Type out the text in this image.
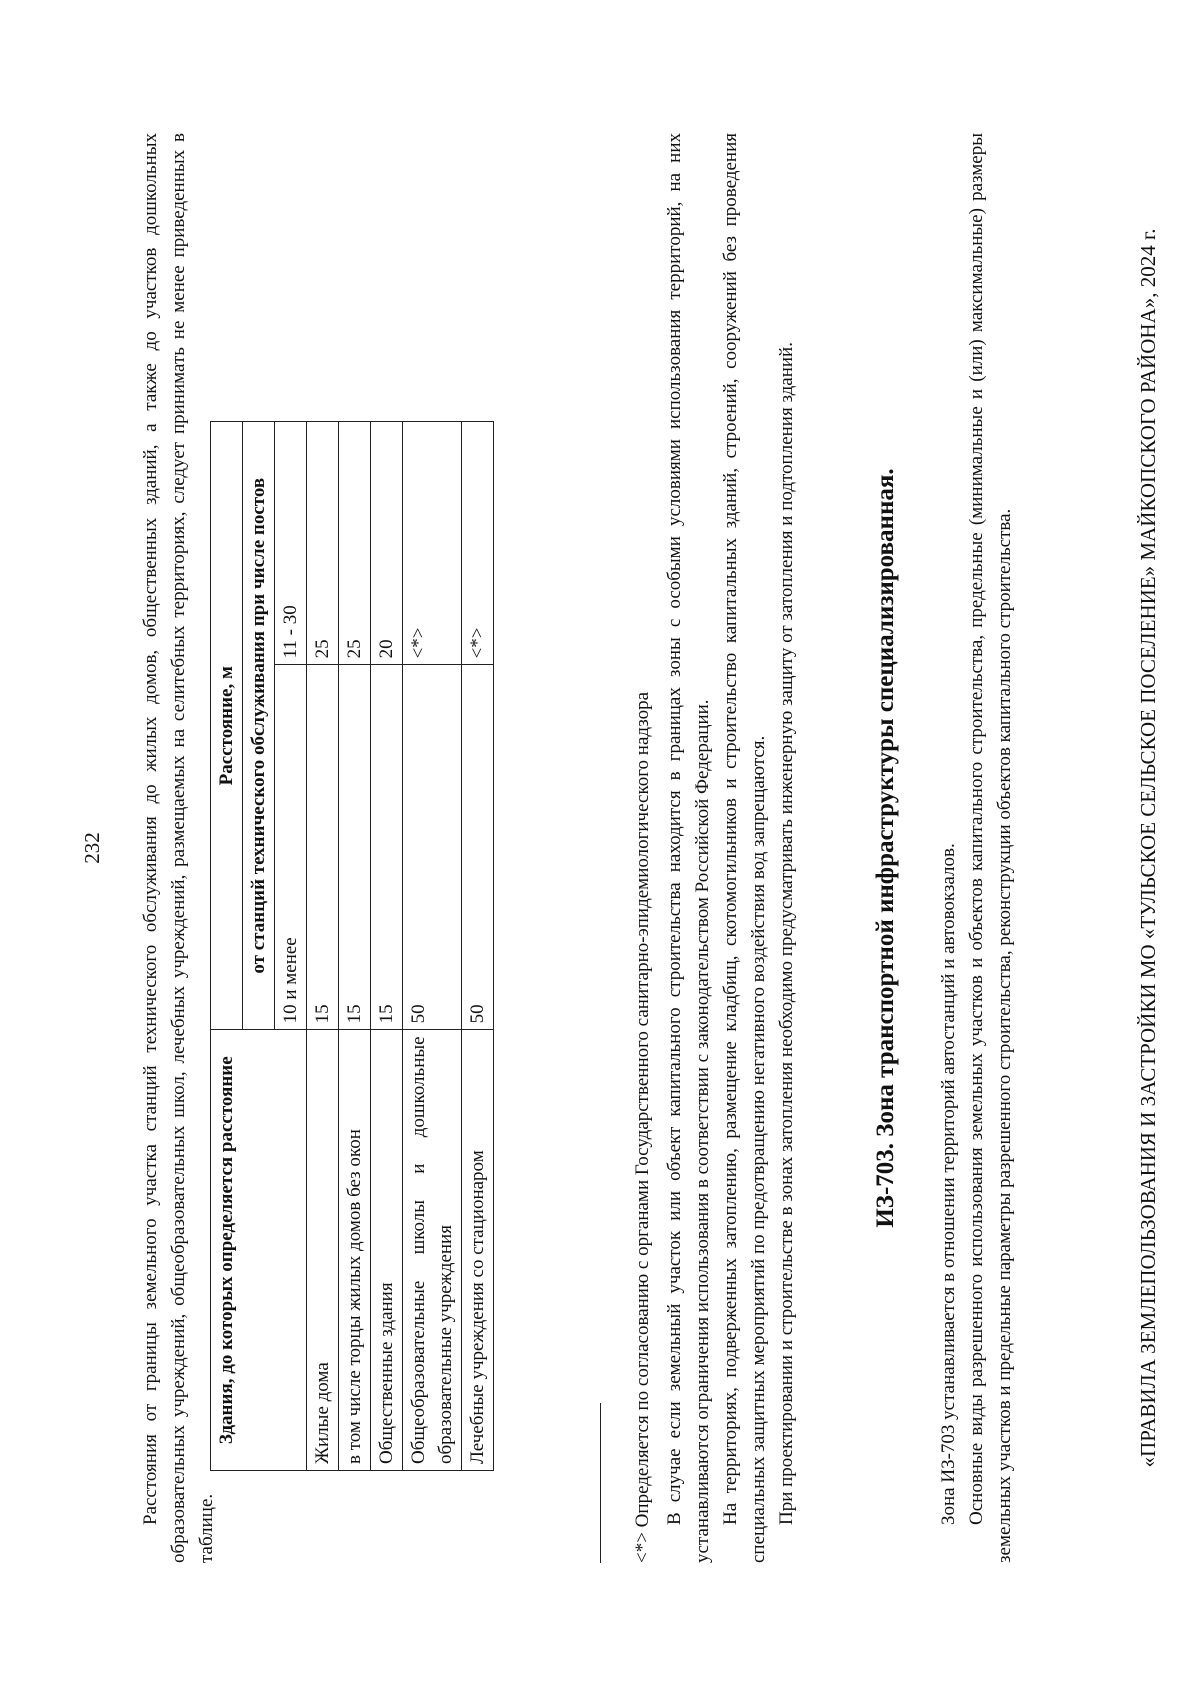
232 Расстояния от границы земельного участка станций технического обслуживания до жилых домов, общественных зданий, а также до участков дошкольных образовательных учреждений, общеобразовательных школ, лечебных учреждений, размещаемых на селитебных территориях, следует принимать не менее приведенных в таблице.

Здания, до которых определяется расстояние	Расстояние, м	
	от станций технического обслуживания при числе постов	
	10 и менее	11 - 30
Жилые дома	15	25
в том числе торцы жилых домов без окон	15	25
Общественные здания	15	20
Общеобразовательные школы и дошкольные образовательные учреждения	50	<*>
Лечебные учреждения со стационаром	50	<*>

<*> Определяется по согласованию с органами Государственного санитарно-эпидемиологического надзора В случае если земельный участок или объект капитального строительства находится в границах зоны с особыми условиями использования территорий, на них устанавливаются ограничения использования в соответствии с законодательством Российской Федерации. На территориях, подверженных затоплению, размещение кладбищ, скотомогильников и строительство капитальных зданий, строений, сооружений без проведения специальных защитных мероприятий по предотвращению негативного воздействия вод запрещаются. При проектировании и строительстве в зонах затопления необходимо предусматривать инженерную защиту от затопления и подтопления зданий.	ИЗ-703. Зона транспортной инфраструктуры специализированная. Зона ИЗ-703 устанавливается в отношении территорий автостанций и автовокзалов. Основные виды разрешенного использования земельных участков и объектов капитального строительства, предельные (минимальные и (или) максимальные) размеры земельных участков и предельные параметры разрешенного строительства, реконструкции объектов капитального строительства.	«ПРАВИЛА ЗЕМЛЕПОЛЬЗОВАНИЯ И ЗАСТРОЙКИ МО «ТУЛЬСКОЕ СЕЛЬСКОЕ ПОСЕЛЕНИЕ» МАЙКОПСКОГО РАЙОНА», 2024 г.
